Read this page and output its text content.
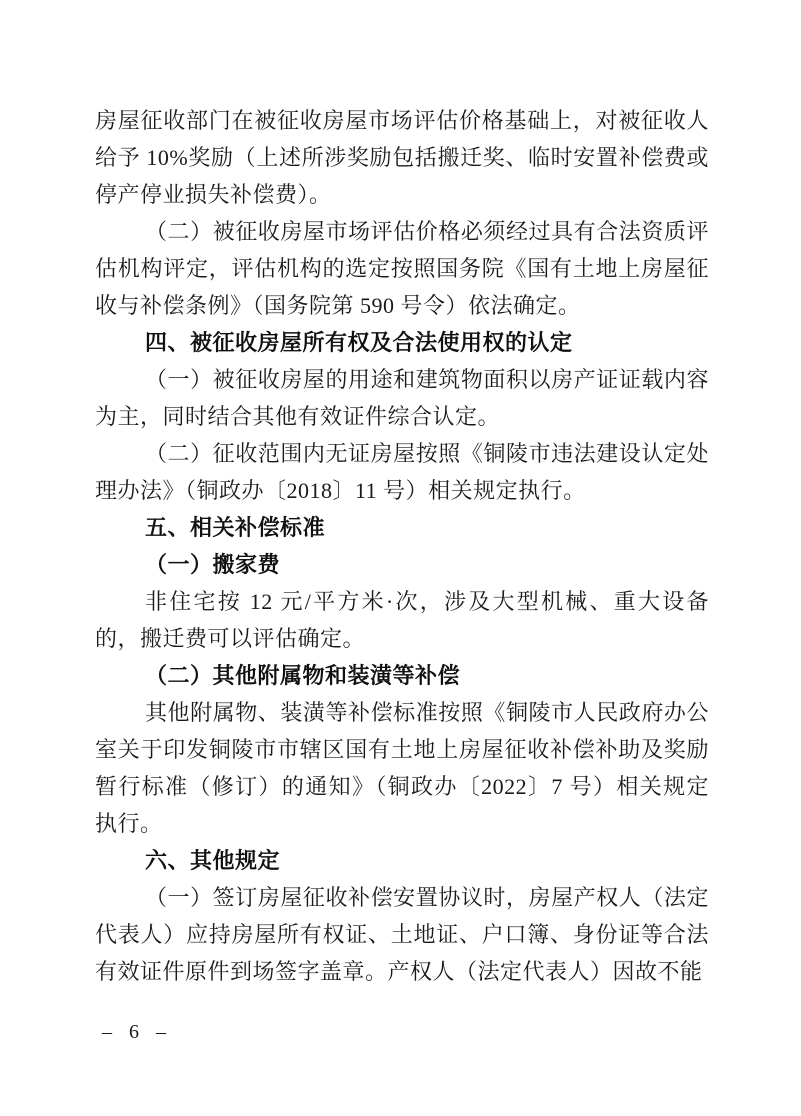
房屋征收部门在被征收房屋市场评估价格基础上，对被征收人给予 10%奖励（上述所涉奖励包括搬迁奖、临时安置补偿费或停产停业损失补偿费）。

（二）被征收房屋市场评估价格必须经过具有合法资质评估机构评定，评估机构的选定按照国务院《国有土地上房屋征收与补偿条例》（国务院第 590 号令）依法确定。

四、被征收房屋所有权及合法使用权的认定

（一）被征收房屋的用途和建筑物面积以房产证证载内容为主，同时结合其他有效证件综合认定。

（二）征收范围内无证房屋按照《铜陵市违法建设认定处理办法》（铜政办〔2018〕11 号）相关规定执行。

五、相关补偿标准

（一）搬家费

非住宅按 12 元/平方米·次，涉及大型机械、重大设备的，搬迁费可以评估确定。

（二）其他附属物和装潢等补偿

其他附属物、装潢等补偿标准按照《铜陵市人民政府办公室关于印发铜陵市市辖区国有土地上房屋征收补偿补助及奖励暂行标准（修订）的通知》（铜政办〔2022〕7 号）相关规定执行。

六、其他规定

（一）签订房屋征收补偿安置协议时，房屋产权人（法定代表人）应持房屋所有权证、土地证、户口簿、身份证等合法有效证件原件到场签字盖章。产权人（法定代表人）因故不能

– 6 –
